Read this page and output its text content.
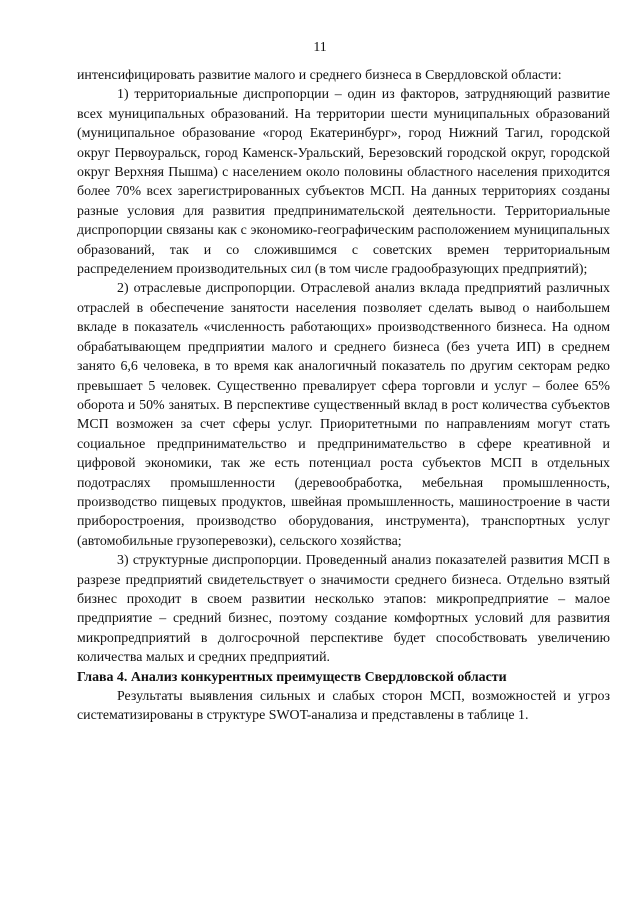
11

интенсифицировать развитие малого и среднего бизнеса в Свердловской области:

1) территориальные диспропорции – один из факторов, затрудняющий развитие всех муниципальных образований. На территории шести муниципальных образований (муниципальное образование «город Екатеринбург», город Нижний Тагил, городской округ Первоуральск, город Каменск-Уральский, Березовский городской округ, городской округ Верхняя Пышма) с населением около половины областного населения приходится более 70% всех зарегистрированных субъектов МСП. На данных территориях созданы разные условия для развития предпринимательской деятельности. Территориальные диспропорции связаны как с экономико-географическим расположением муниципальных образований, так и со сложившимся с советских времен территориальным распределением производительных сил (в том числе градообразующих предприятий);

2) отраслевые диспропорции. Отраслевой анализ вклада предприятий различных отраслей в обеспечение занятости населения позволяет сделать вывод о наибольшем вкладе в показатель «численность работающих» производственного бизнеса. На одном обрабатывающем предприятии малого и среднего бизнеса (без учета ИП) в среднем занято 6,6 человека, в то время как аналогичный показатель по другим секторам редко превышает 5 человек. Существенно превалирует сфера торговли и услуг – более 65% оборота и 50% занятых. В перспективе существенный вклад в рост количества субъектов МСП возможен за счет сферы услуг. Приоритетными по направлениям могут стать социальное предпринимательство и предпринимательство в сфере креативной и цифровой экономики, так же есть потенциал роста субъектов МСП в отдельных подотраслях промышленности (деревообработка, мебельная промышленность, производство пищевых продуктов, швейная промышленность, машиностроение в части приборостроения, производство оборудования, инструмента), транспортных услуг (автомобильные грузоперевозки), сельского хозяйства;

3) структурные диспропорции. Проведенный анализ показателей развития МСП в разрезе предприятий свидетельствует о значимости среднего бизнеса. Отдельно взятый бизнес проходит в своем развитии несколько этапов: микропредприятие – малое предприятие – средний бизнес, поэтому создание комфортных условий для развития микропредприятий в долгосрочной перспективе будет способствовать увеличению количества малых и средних предприятий.

Глава 4. Анализ конкурентных преимуществ Свердловской области

Результаты выявления сильных и слабых сторон МСП, возможностей и угроз систематизированы в структуре SWOT-анализа и представлены в таблице 1.
